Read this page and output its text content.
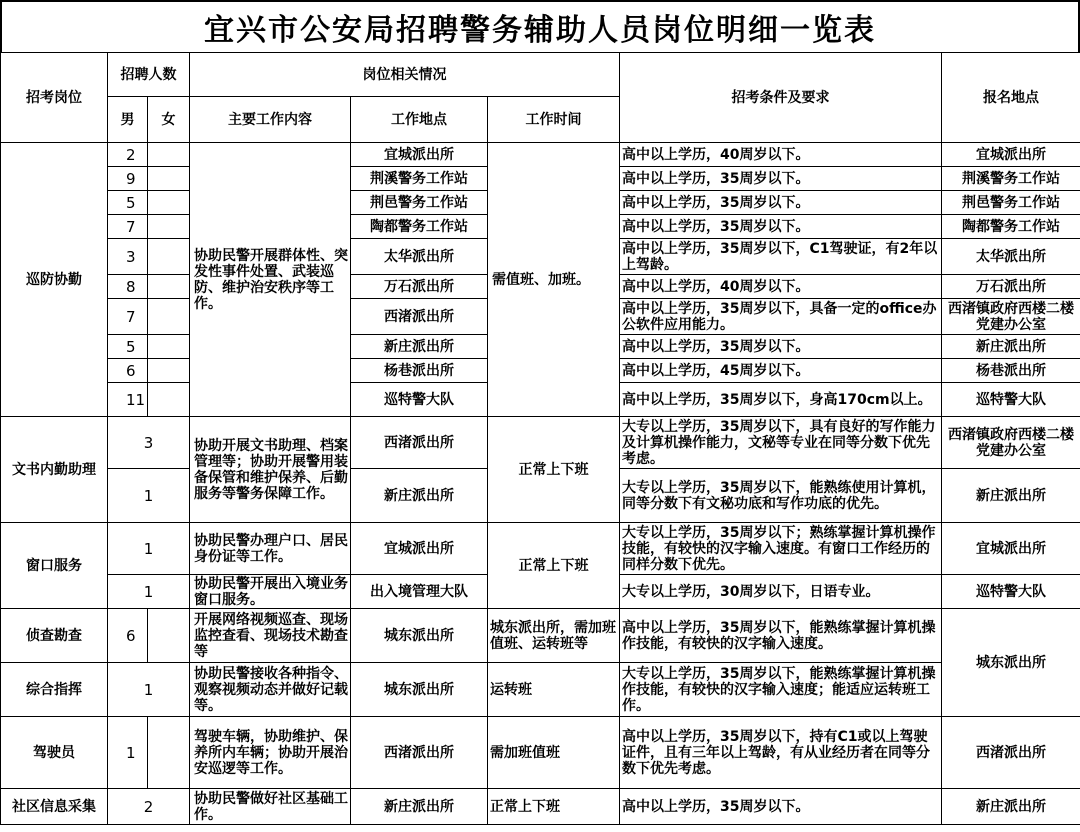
宜兴市公安局招聘警务辅助人员岗位明细一览表
招考岗位	招聘人数		岗位相关情况			招考条件及要求	报名地点
	男	女	主要工作内容	工作地点	工作时间		
巡防协勤	2		协助民警开展群体性、突发性事件处置、武装巡防、维护治安秩序等工作。	宜城派出所	需值班、加班。	高中以上学历，40周岁以下。	宜城派出所
	9			荆溪警务工作站		高中以上学历，35周岁以下。	荆溪警务工作站
	5			荆邑警务工作站		高中以上学历，35周岁以下。	荆邑警务工作站
	7			陶都警务工作站		高中以上学历，35周岁以下。	陶都警务工作站
	3			太华派出所		高中以上学历，35周岁以下，C1驾驶证，有2年以上驾龄。	太华派出所
	8			万石派出所		高中以上学历，40周岁以下。	万石派出所
	7			西渚派出所		高中以上学历，35周岁以下，具备一定的office办公软件应用能力。	西渚镇政府西楼二楼党建办公室
	5			新庄派出所		高中以上学历，35周岁以下。	新庄派出所
	6			杨巷派出所		高中以上学历，45周岁以下。	杨巷派出所
	11			巡特警大队		高中以上学历，35周岁以下，身高170cm以上。	巡特警大队
文书内勤助理	3		协助开展文书助理、档案管理等；协助开展警用装备保管和维护保养、后勤服务等警务保障工作。	西渚派出所	正常上下班	大专以上学历，35周岁以下，具有良好的写作能力及计算机操作能力，文秘等专业在同等分数下优先考虑。	西渚镇政府西楼二楼党建办公室
	1			新庄派出所		大专以上学历，35周岁以下，能熟练使用计算机，同等分数下有文秘功底和写作功底的优先。	新庄派出所
窗口服务	1		协助民警办理户口、居民身份证等工作。	宜城派出所	正常上下班	大专以上学历，35周岁以下；熟练掌握计算机操作技能，有较快的汉字输入速度。有窗口工作经历的同样分数下优先。	宜城派出所
	1		协助民警开展出入境业务窗口服务。	出入境管理大队		大专以上学历，30周岁以下，日语专业。	巡特警大队
侦查勘查	6		开展网络视频巡查、现场监控查看、现场技术勘查等	城东派出所	城东派出所，需加班值班、运转班等	高中以上学历，35周岁以下，能熟练掌握计算机操作技能，有较快的汉字输入速度。	城东派出所
综合指挥	1		协助民警接收各种指令、观察视频动态并做好记载等。	城东派出所	运转班	大专以上学历，35周岁以下，能熟练掌握计算机操作技能，有较快的汉字输入速度；能适应运转班工作。	
驾驶员	1		驾驶车辆，协助维护、保养所内车辆；协助开展治安巡逻等工作。	西渚派出所	需加班值班	高中以上学历，35周岁以下，持有C1或以上驾驶证件，且有三年以上驾龄，有从业经历者在同等分数下优先考虑。	西渚派出所
社区信息采集	2		协助民警做好社区基础工作。	新庄派出所	正常上下班	高中以上学历，35周岁以下。	新庄派出所
